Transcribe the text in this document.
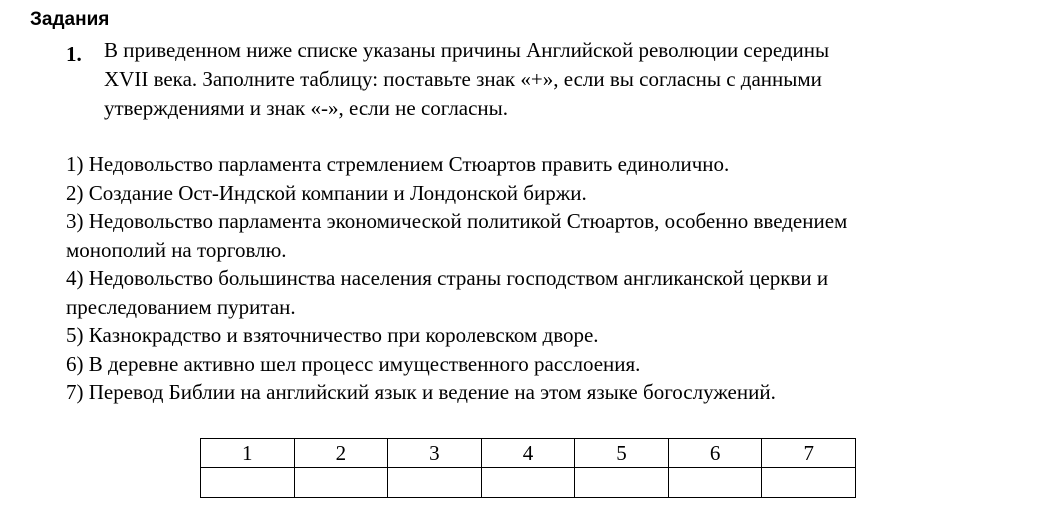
Задания
1. В приведенном ниже списке указаны причины Английской революции середины
XVII века. Заполните таблицу: поставьте знак «+», если вы согласны с данными
утверждениями и знак «-», если не согласны.
1) Недовольство парламента стремлением Стюартов править единолично.
2) Создание Ост-Индской компании и Лондонской биржи.
3) Недовольство парламента экономической политикой Стюартов, особенно введением
монополий на торговлю.
4) Недовольство большинства населения страны господством англиканской церкви и
преследованием пуритан.
5) Казнокрадство и взяточничество при королевском дворе.
6) В деревне активно шел процесс имущественного расслоения.
7) Перевод Библии на английский язык и ведение на этом языке богослужений.
1	2	3	4	5	6	7
